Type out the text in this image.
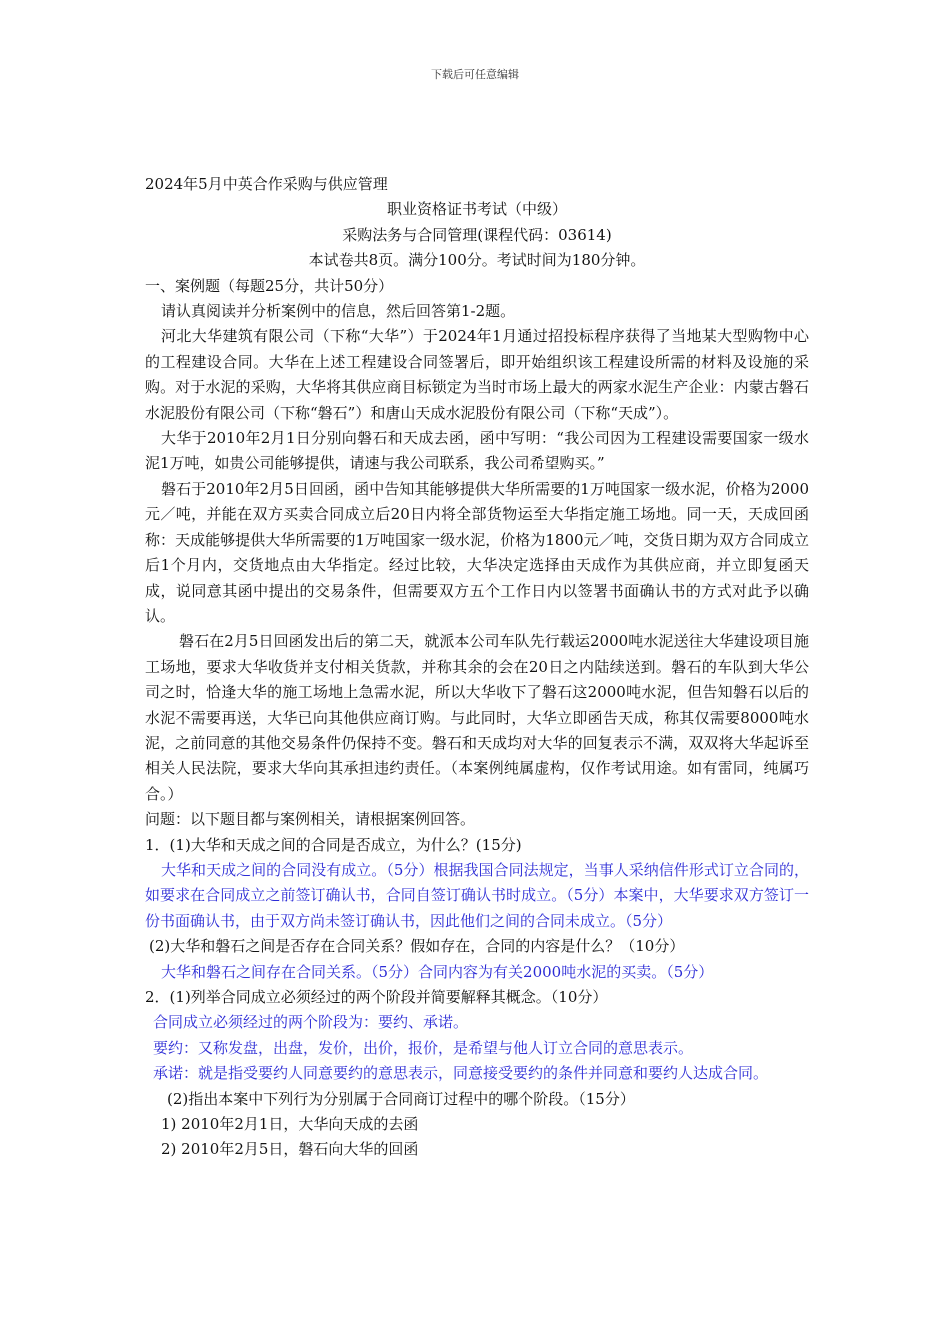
下载后可任意编辑

2024年5月中英合作采购与供应管理

职业资格证书考试（中级）

采购法务与合同管理(课程代码：03614)

本试卷共8页。满分100分。考试时间为180分钟。

一、案例题（每题25分，共计50分）

请认真阅读并分析案例中的信息，然后回答第1-2题。

河北大华建筑有限公司（下称“大华”）于2024年1月通过招投标程序获得了当地某大型购物中心的工程建设合同。大华在上述工程建设合同签署后，即开始组织该工程建设所需的材料及设施的采购。对于水泥的采购，大华将其供应商目标锁定为当时市场上最大的两家水泥生产企业：内蒙古磐石水泥股份有限公司（下称“磐石”）和唐山天成水泥股份有限公司（下称“天成”）。

大华于2010年2月1日分别向磐石和天成去函，函中写明：“我公司因为工程建设需要国家一级水泥1万吨，如贵公司能够提供，请速与我公司联系，我公司希望购买。”

磐石于2010年2月5日回函，函中告知其能够提供大华所需要的1万吨国家一级水泥，价格为2000元／吨，并能在双方买卖合同成立后20日内将全部货物运至大华指定施工场地。同一天，天成回函称：天成能够提供大华所需要的1万吨国家一级水泥，价格为1800元／吨，交货日期为双方合同成立后1个月内，交货地点由大华指定。经过比较，大华决定选择由天成作为其供应商，并立即复函天成，说同意其函中提出的交易条件，但需要双方五个工作日内以签署书面确认书的方式对此予以确认。

磐石在2月5日回函发出后的第二天，就派本公司车队先行载运2000吨水泥送往大华建设项目施工场地，要求大华收货并支付相关货款，并称其余的会在20日之内陆续送到。磐石的车队到大华公司之时，恰逢大华的施工场地上急需水泥，所以大华收下了磐石这2000吨水泥，但告知磐石以后的水泥不需要再送，大华已向其他供应商订购。与此同时，大华立即函告天成，称其仅需要8000吨水泥，之前同意的其他交易条件仍保持不变。磐石和天成均对大华的回复表示不满，双双将大华起诉至相关人民法院，要求大华向其承担违约责任。（本案例纯属虚构，仅作考试用途。如有雷同，纯属巧合。）

问题：以下题目都与案例相关，请根据案例回答。

1．(1)大华和天成之间的合同是否成立，为什么？(15分)

大华和天成之间的合同没有成立。（5分）根据我国合同法规定，当事人采纳信件形式订立合同的，如要求在合同成立之前签订确认书，合同自签订确认书时成立。（5分）本案中，大华要求双方签订一份书面确认书，由于双方尚未签订确认书，因此他们之间的合同未成立。（5分）

(2)大华和磐石之间是否存在合同关系？假如存在，合同的内容是什么？（10分）

大华和磐石之间存在合同关系。（5分）合同内容为有关2000吨水泥的买卖。（5分）

2．(1)列举合同成立必须经过的两个阶段并简要解释其概念。（10分）

合同成立必须经过的两个阶段为：要约、承诺。

要约：又称发盘，出盘，发价，出价，报价，是希望与他人订立合同的意思表示。

承诺：就是指受要约人同意要约的意思表示，同意接受要约的条件并同意和要约人达成合同。

(2)指出本案中下列行为分别属于合同商订过程中的哪个阶段。（15分）

1) 2010年2月1日，大华向天成的去函

2) 2010年2月5日，磐石向大华的回函
